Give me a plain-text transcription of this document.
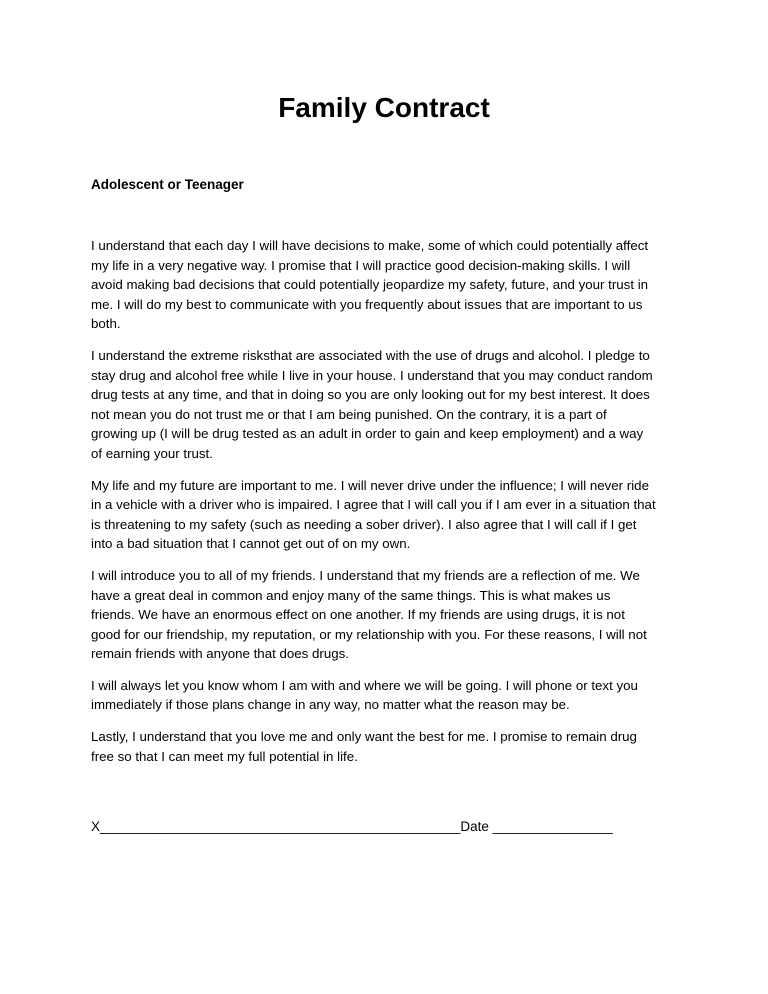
Family Contract
Adolescent or Teenager

I understand that each day I will have decisions to make, some of which could potentially affect
my life in a very negative way. I promise that I will practice good decision-making skills. I will
avoid making bad decisions that could potentially jeopardize my safety, future, and your trust in
me. I will do my best to communicate with you frequently about issues that are important to us
both.

I understand the extreme risksthat are associated with the use of drugs and alcohol. I pledge to
stay drug and alcohol free while I live in your house. I understand that you may conduct random
drug tests at any time, and that in doing so you are only looking out for my best interest. It does
not mean you do not trust me or that I am being punished. On the contrary, it is a part of
growing up (I will be drug tested as an adult in order to gain and keep employment) and a way
of earning your trust.

My life and my future are important to me. I will never drive under the influence; I will never ride
in a vehicle with a driver who is impaired. I agree that I will call you if I am ever in a situation that
is threatening to my safety (such as needing a sober driver). I also agree that I will call if I get
into a bad situation that I cannot get out of on my own.

I will introduce you to all of my friends. I understand that my friends are a reflection of me. We
have a great deal in common and enjoy many of the same things. This is what makes us
friends. We have an enormous effect on one another. If my friends are using drugs, it is not
good for our friendship, my reputation, or my relationship with you. For these reasons, I will not
remain friends with anyone that does drugs.

I will always let you know whom I am with and where we will be going. I will phone or text you
immediately if those plans change in any way, no matter what the reason may be.

Lastly, I understand that you love me and only want the best for me. I promise to remain drug
free so that I can meet my full potential in life.

X________________________________________________Date ________________
